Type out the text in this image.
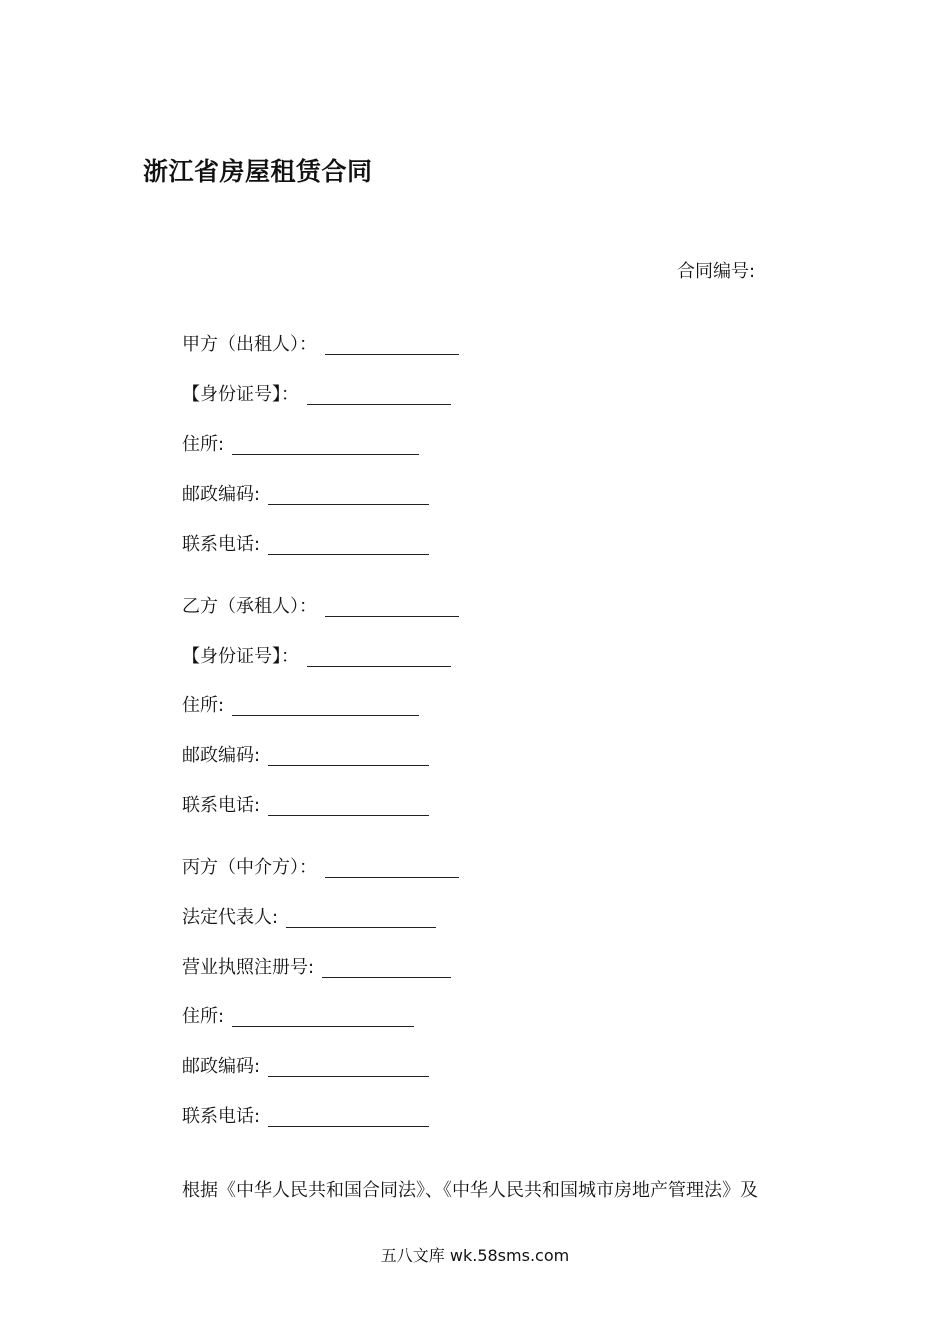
浙江省房屋租赁合同
合同编号:
甲方（出租人）：
【身份证号】：
住所:
邮政编码:
联系电话:
乙方（承租人）：
【身份证号】：
住所:
邮政编码:
联系电话:
丙方（中介方）：
法定代表人:
营业执照注册号:
住所:
邮政编码:
联系电话:
根据《中华人民共和国合同法》、《中华人民共和国城市房地产管理法》及
五八文库 wk.58sms.com
